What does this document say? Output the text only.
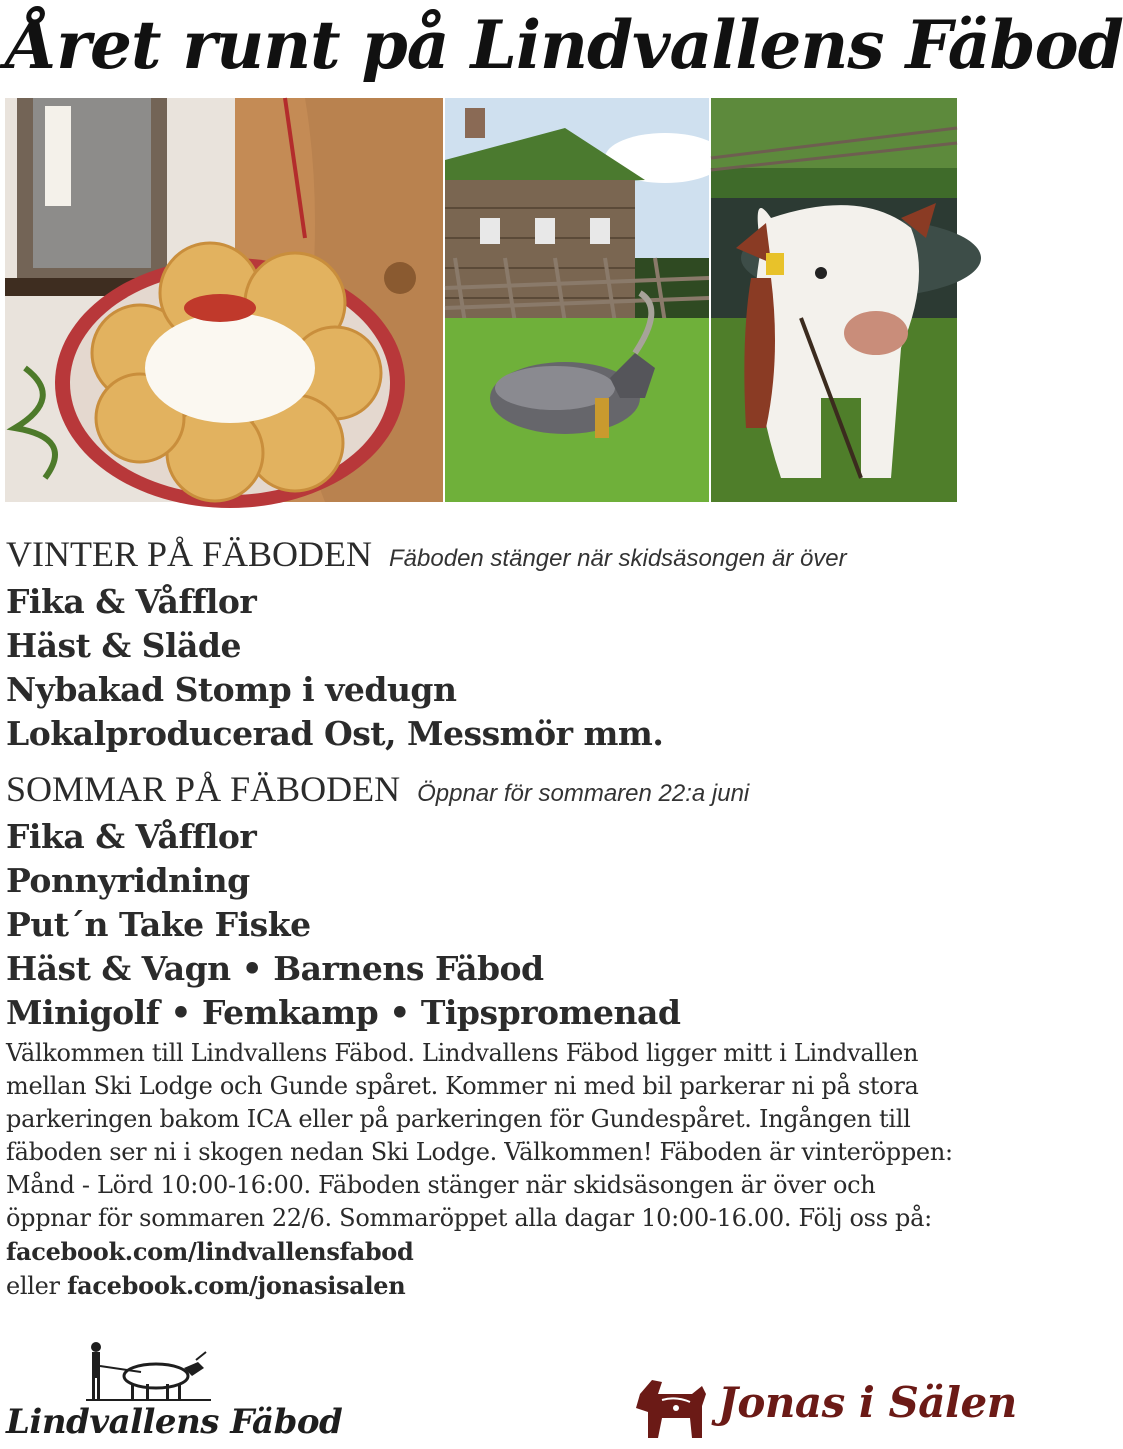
Året runt på Lindvallens Fäbod
VINTER PÅ FÄBODEN Fäboden stänger när skidsäsongen är över
Fika & Våfflor
Häst & Släde
Nybakad Stomp i vedugn
Lokalproducerad Ost, Messmör mm.
SOMMAR PÅ FÄBODEN Öppnar för sommaren 22:a juni
Fika & Våfflor
Ponnyridning
Put´n Take Fiske
Häst & Vagn • Barnens Fäbod
Minigolf • Femkamp • Tipspromenad
Välkommen till Lindvallens Fäbod. Lindvallens Fäbod ligger mitt i Lindvallen mellan Ski Lodge och Gunde spåret. Kommer ni med bil parkerar ni på stora parkeringen bakom ICA eller på parkeringen för Gundespåret. Ingången till fäboden ser ni i skogen nedan Ski Lodge. Välkommen! Fäboden är vinteröppen: Månd - Lörd 10:00-16:00. Fäboden stänger när skidsäsongen är över och öppnar för sommaren 22/6. Sommaröppet alla dagar 10:00-16.00. Följ oss på: facebook.com/lindvallensfabod
eller facebook.com/jonasisalen
Lindvallens Fäbod	Jonas i Sälen
